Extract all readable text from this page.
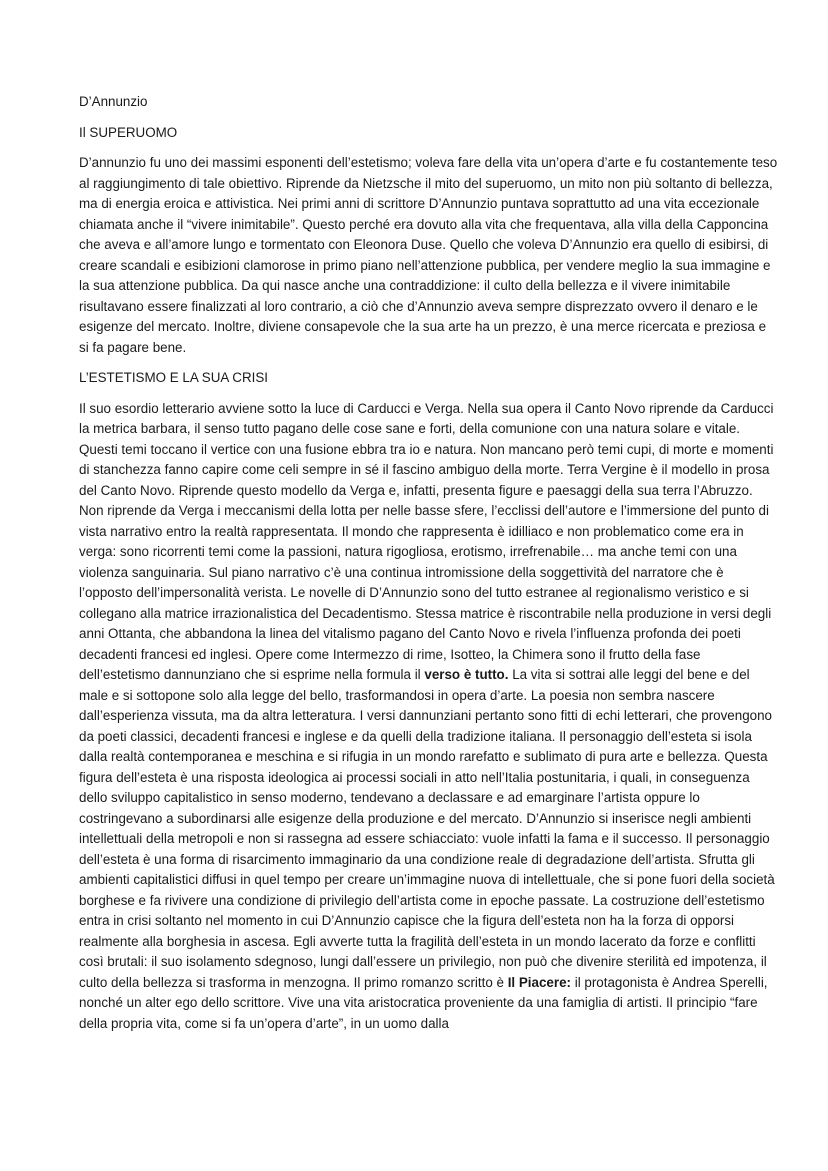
D’Annunzio

Il SUPERUOMO

D’annunzio fu uno dei massimi esponenti dell’estetismo; voleva fare della vita un’opera d’arte e fu costantemente teso al raggiungimento di tale obiettivo. Riprende da Nietzsche il mito del superuomo, un mito non più soltanto di bellezza, ma di energia eroica e attivistica. Nei primi anni di scrittore D’Annunzio puntava soprattutto ad una vita eccezionale chiamata anche il “vivere inimitabile”. Questo perché era dovuto alla vita che frequentava, alla villa della Capponcina che aveva e all’amore lungo e tormentato con Eleonora Duse. Quello che voleva D’Annunzio era quello di esibirsi, di creare scandali e esibizioni clamorose in primo piano nell’attenzione pubblica, per vendere meglio la sua immagine e la sua attenzione pubblica. Da qui nasce anche una contraddizione: il culto della bellezza e il vivere inimitabile risultavano essere finalizzati al loro contrario, a ciò che d’Annunzio aveva sempre disprezzato ovvero il denaro e le esigenze del mercato. Inoltre, diviene consapevole che la sua arte ha un prezzo, è una merce ricercata e preziosa e si fa pagare bene.

L’ESTETISMO E LA SUA CRISI

Il suo esordio letterario avviene sotto la luce di Carducci e Verga. Nella sua opera il Canto Novo riprende da Carducci la metrica barbara, il senso tutto pagano delle cose sane e forti, della comunione con una natura solare e vitale. Questi temi toccano il vertice con una fusione ebbra tra io e natura. Non mancano però temi cupi, di morte e momenti di stanchezza fanno capire come celi sempre in sé il fascino ambiguo della morte. Terra Vergine è il modello in prosa del Canto Novo. Riprende questo modello da Verga e, infatti, presenta figure e paesaggi della sua terra l’Abruzzo. Non riprende da Verga i meccanismi della lotta per nelle basse sfere, l’ecclissi dell’autore e l’immersione del punto di vista narrativo entro la realtà rappresentata. Il mondo che rappresenta è idilliaco e non problematico come era in verga: sono ricorrenti temi come la passioni, natura rigogliosa, erotismo, irrefrenabile… ma anche temi con una violenza sanguinaria. Sul piano narrativo c’è una continua intromissione della soggettività del narratore che è l’opposto dell’impersonalità verista. Le novelle di D’Annunzio sono del tutto estranee al regionalismo veristico e si collegano alla matrice irrazionalistica del Decadentismo. Stessa matrice è riscontrabile nella produzione in versi degli anni Ottanta, che abbandona la linea del vitalismo pagano del Canto Novo e rivela l’influenza profonda dei poeti decadenti francesi ed inglesi. Opere come Intermezzo di rime, Isotteo, la Chimera sono il frutto della fase dell’estetismo dannunziano che si esprime nella formula il verso è tutto. La vita si sottrai alle leggi del bene e del male e si sottopone solo alla legge del bello, trasformandosi in opera d’arte. La poesia non sembra nascere dall’esperienza vissuta, ma da altra letteratura. I versi dannunziani pertanto sono fitti di echi letterari, che provengono da poeti classici, decadenti francesi e inglese e da quelli della tradizione italiana. Il personaggio dell’esteta si isola dalla realtà contemporanea e meschina e si rifugia in un mondo rarefatto e sublimato di pura arte e bellezza. Questa figura dell’esteta è una risposta ideologica ai processi sociali in atto nell’Italia postunitaria, i quali, in conseguenza dello sviluppo capitalistico in senso moderno, tendevano a declassare e ad emarginare l’artista oppure lo costringevano a subordinarsi alle esigenze della produzione e del mercato. D’Annunzio si inserisce negli ambienti intellettuali della metropoli e non si rassegna ad essere schiacciato: vuole infatti la fama e il successo. Il personaggio dell’esteta è una forma di risarcimento immaginario da una condizione reale di degradazione dell’artista. Sfrutta gli ambienti capitalistici diffusi in quel tempo per creare un’immagine nuova di intellettuale, che si pone fuori della società borghese e fa rivivere una condizione di privilegio dell’artista come in epoche passate. La costruzione dell’estetismo entra in crisi soltanto nel momento in cui D’Annunzio capisce che la figura dell’esteta non ha la forza di opporsi realmente alla borghesia in ascesa. Egli avverte tutta la fragilità dell’esteta in un mondo lacerato da forze e conflitti così brutali: il suo isolamento sdegnoso, lungi dall’essere un privilegio, non può che divenire sterilità ed impotenza, il culto della bellezza si trasforma in menzogna. Il primo romanzo scritto è Il Piacere: il protagonista è Andrea Sperelli, nonché un alter ego dello scrittore. Vive una vita aristocratica proveniente da una famiglia di artisti. Il principio “fare della propria vita, come si fa un’opera d’arte”, in un uomo dalla
